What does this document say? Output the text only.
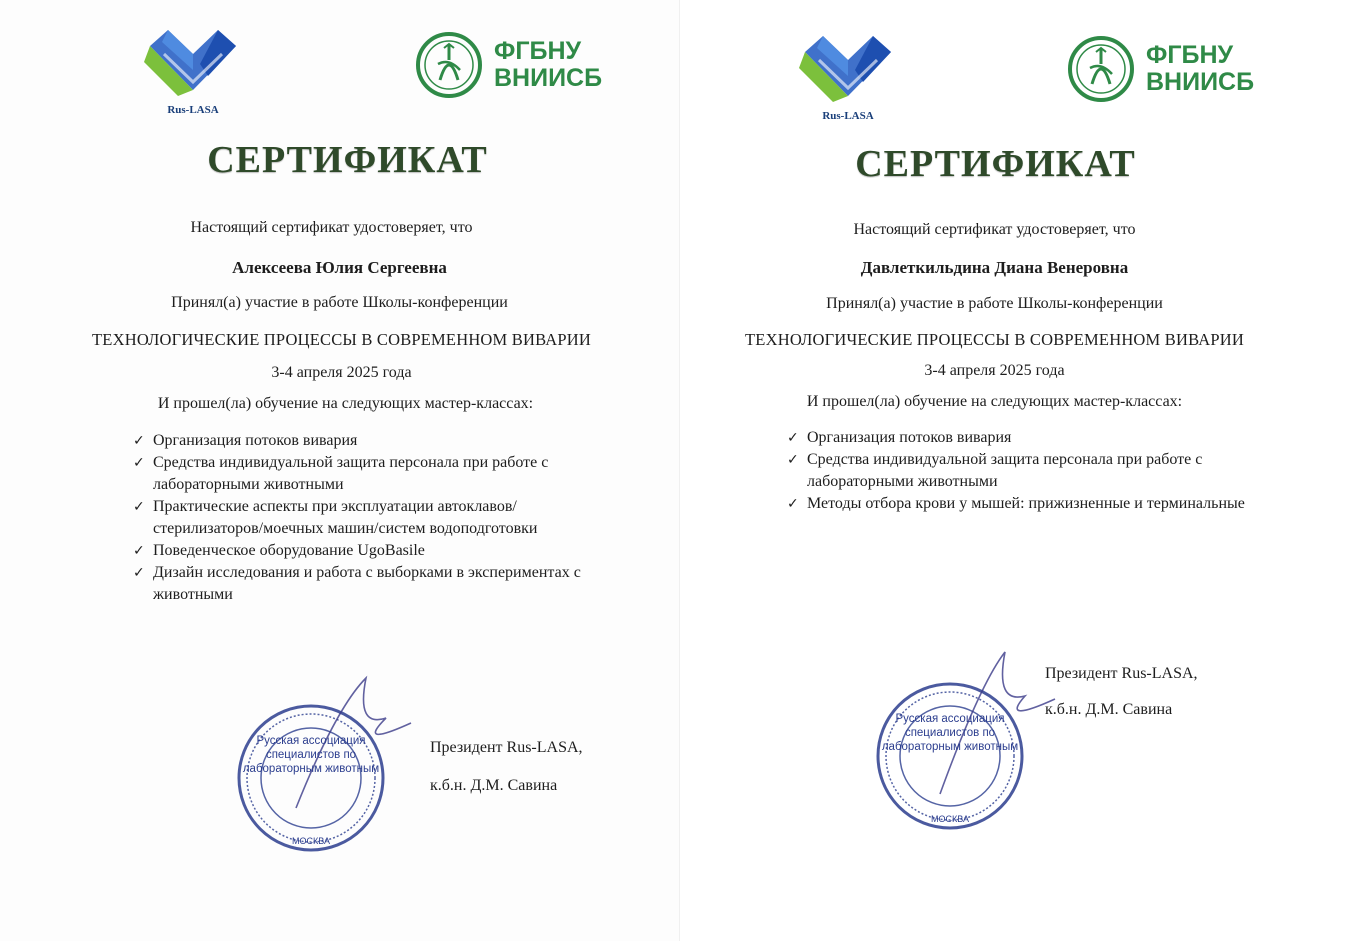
Rus-LASA
ФГБНУ
ВНИИСБ
СЕРТИФИКАТ
Настоящий сертификат удостоверяет, что
Алексеева Юлия Сергеевна
Принял(а) участие в работе Школы-конференции
ТЕХНОЛОГИЧЕСКИЕ ПРОЦЕССЫ В СОВРЕМЕННОМ ВИВАРИИ
3-4 апреля 2025 года
И прошел(ла) обучение на следующих мастер-классах:
✓ Организация потоков вивария
✓ Средства индивидуальной защита персонала при работе с лабораторными животными
✓ Практические аспекты при эксплуатации автоклавов/стерилизаторов/моечных машин/систем водоподготовки
✓ Поведенческое оборудование UgoBasile
✓ Дизайн исследования и работа с выборками в экспериментах с животными
Русская ассоциация специалистов по лабораторным животным
МОСКВА
Президент Rus-LASA,
к.б.н. Д.М. Савина
Rus-LASA
ФГБНУ
ВНИИСБ
СЕРТИФИКАТ
Настоящий сертификат удостоверяет, что
Давлеткильдина Диана Венеровна
Принял(а) участие в работе Школы-конференции
ТЕХНОЛОГИЧЕСКИЕ ПРОЦЕССЫ В СОВРЕМЕННОМ ВИВАРИИ
3-4 апреля 2025 года
И прошел(ла) обучение на следующих мастер-классах:
✓ Организация потоков вивария
✓ Средства индивидуальной защита персонала при работе с лабораторными животными
✓ Методы отбора крови у мышей: прижизненные и терминальные
Президент Rus-LASA,
к.б.н. Д.М. Савина
Русская ассоциация специалистов по лабораторным животным
МОСКВА
